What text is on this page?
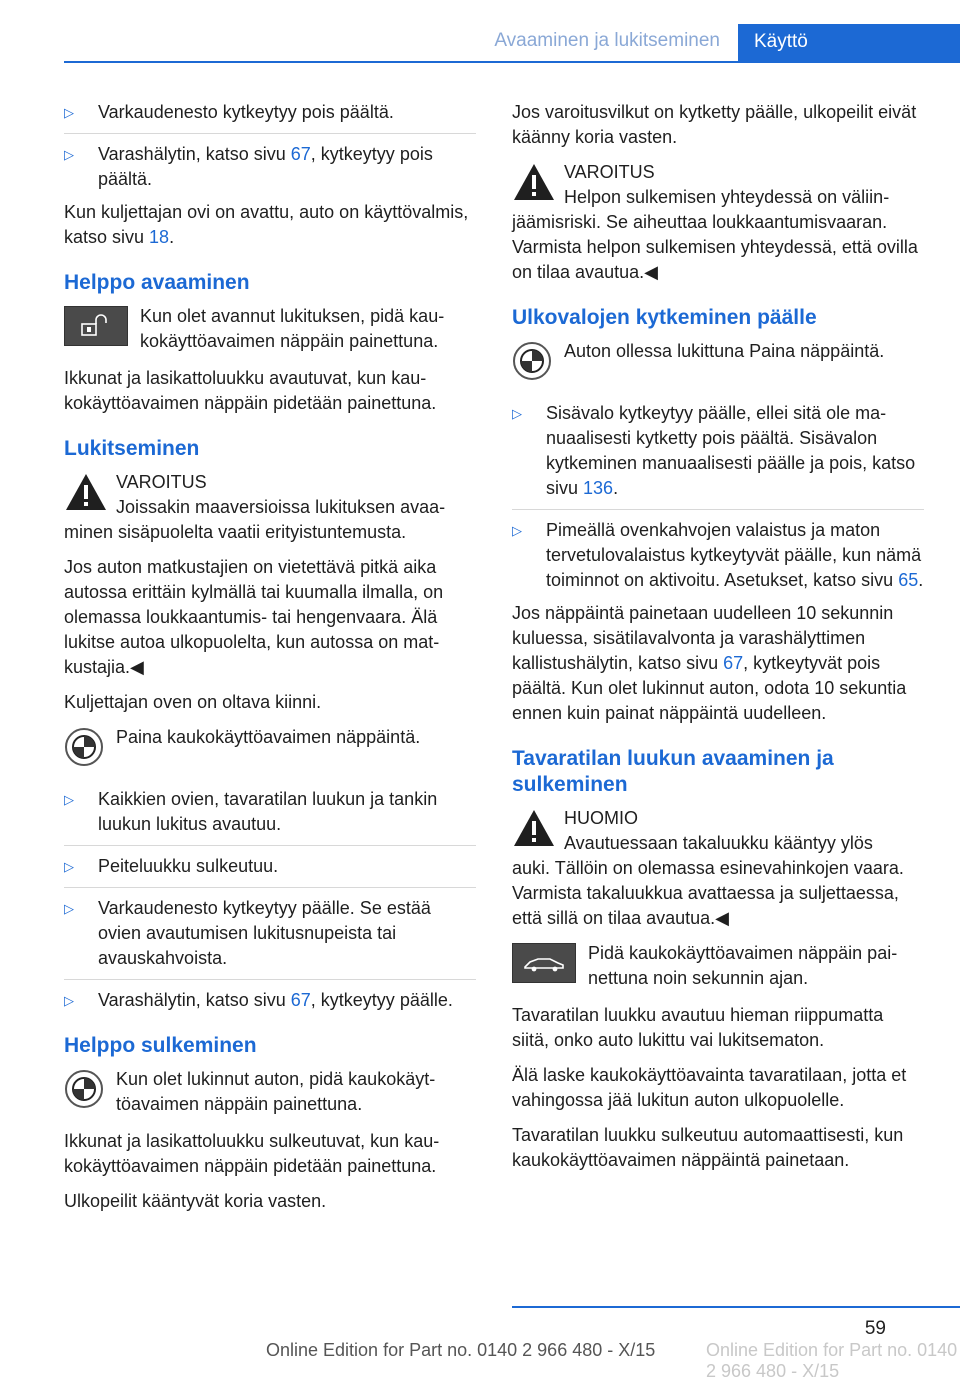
Avaaminen ja lukitseminen	Käyttö
▷ Varkaudenesto kytkeytyy pois päältä.
▷ Varashälytin, katso sivu 67, kytkeytyy pois päältä.

Kun kuljettajan ovi on avattu, auto on käyttövalmis, katso sivu 18.

Helppo avaaminen
Kun olet avannut lukituksen, pidä kaukokäyttöavaimen näppäin painettuna.

Ikkunat ja lasikattoluukku avautuvat, kun kaukokäyttöavaimen näppäin pidetään painettuna.

Lukitseminen
VAROITUS
Joissakin maaversioissa lukituksen avaa-
minen sisäpuolelta vaatii erityistuntemusta.

Jos auton matkustajien on vietettävä pitkä aika autossa erittäin kylmällä tai kuumalla ilmalla, on olemassa loukkaantumis- tai hengenvaara. Älä lukitse autoa ulkopuolelta, kun autossa on matkustajia.◀

Kuljettajan oven on oltava kiinni.

Paina kaukokäyttöavaimen näppäintä.
▷ Kaikkien ovien, tavaratilan luukun ja tankin luukun lukitus avautuu.
▷ Peiteluukku sulkeutuu.
▷ Varkaudenesto kytkeytyy päälle. Se estää ovien avautumisen lukitusnupeista tai avauskahvoista.
▷ Varashälytin, katso sivu 67, kytkeytyy päälle.
Helppo sulkeminen
Kun olet lukinnut auton, pidä kaukokäyttöavaimen näppäin painettuna.

Ikkunat ja lasikattoluukku sulkeutuvat, kun kaukokäyttöavaimen näppäin pidetään painettuna.

Ulkopeilit kääntyvät koria vasten.

Jos varoitusvilkut on kytketty päälle, ulkopeilit eivät käänny koria vasten.

VAROITUS
Helpon sulkemisen yhteydessä on väliin-
jäämisriski. Se aiheuttaa loukkaantumisvaaran. Varmista helpon sulkemisen yhteydessä, että ovilla on tilaa avautua.◀
Ulkovalojen kytkeminen päälle
Auton ollessa lukittuna Paina näppäintä.
▷ Sisävalo kytkeytyy päälle, ellei sitä ole manuaalisesti kytketty pois päältä. Sisävalon kytkeminen manuaalisesti päälle ja pois, katso sivu 136.
▷ Pimeällä ovenkahvojen valaistus ja maton tervetulovalaistus kytkeytyvät päälle, kun nämä toiminnot on aktivoitu. Asetukset, katso sivu 65.

Jos näppäintä painetaan uudelleen 10 sekunnin kuluessa, sisätilavalvonta ja varashälyttimen kallistushälytin, katso sivu 67, kytkeytyvät pois päältä. Kun olet lukinnut auton, odota 10 sekuntia ennen kuin painat näppäintä uudelleen.

Tavaratilan luukun avaaminen ja sulkeminen
HUOMIO
Avautuessaan takaluukku kääntyy ylös
auki. Tällöin on olemassa esinevahinkojen vaara. Varmista takaluukkua avattaessa ja suljettaessa, että sillä on tilaa avautua.◀
Pidä kaukokäyttöavaimen näppäin painettuna noin sekunnin ajan.

Tavaratilan luukku avautuu hieman riippumatta siitä, onko auto lukittu vai lukitsematon.

Älä laske kaukokäyttöavainta tavaratilaan, jotta et vahingossa jää lukitun auton ulkopuolelle.

Tavaratilan luukku sulkeutuu automaattisesti, kun kaukokäyttöavaimen näppäintä painetaan.

59
Online Edition for Part no. 0140 2 966 480 - X/15	Online Edition for Part no. 0140 2 966 480 - X/15
